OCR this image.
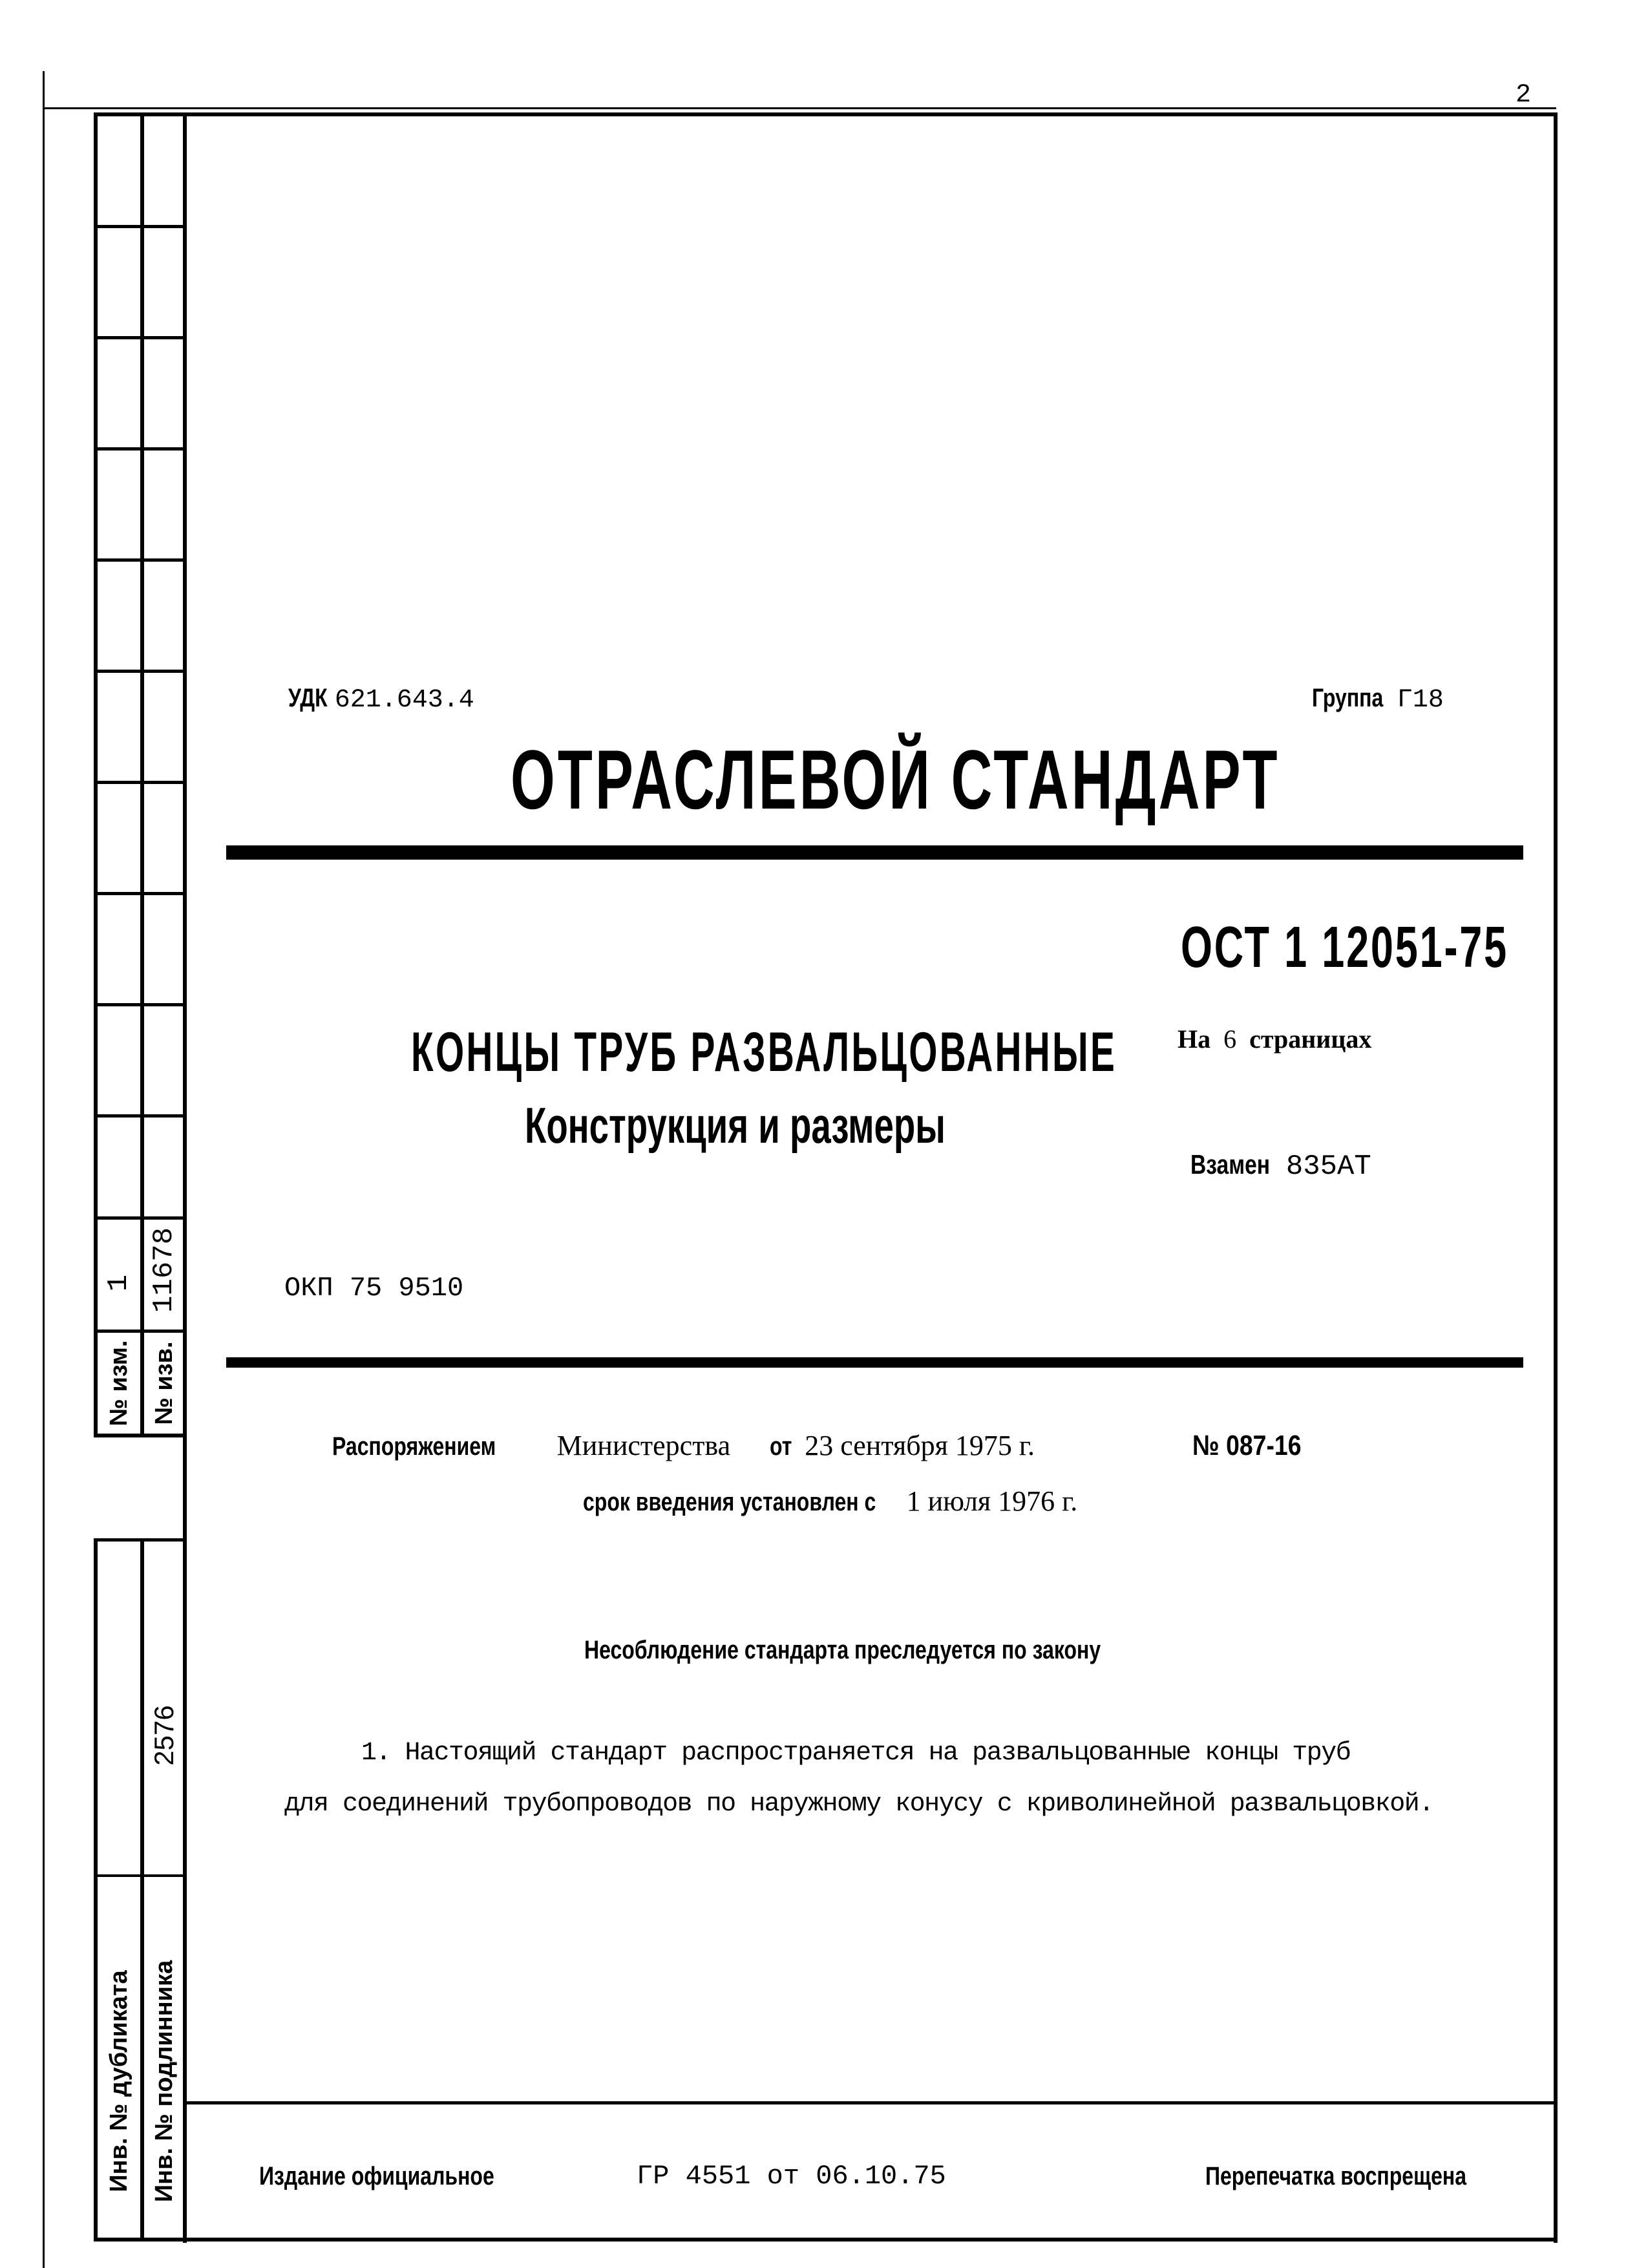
2
1 11678
№ изм. № изв.
2576
Инв. № дубликата Инв. № подлинника
УДК 621.643.4	Группа Г18
ОТРАСЛЕВОЙ СТАНДАРТ
ОСТ 1 12051-75
КОНЦЫ ТРУБ РАЗВАЛЬЦОВАННЫЕ
Конструкция и размеры
На 6 страницах
Взамен 835АТ
ОКП 75 9510
Распоряжением Министерства от 23 сентября 1975 г.	№ 087-16
срок введения установлен с 1 июля 1976 г.
Несоблюдение стандарта преследуется по закону
1. Настоящий стандарт распространяется на развальцованные концы труб
для соединений трубопроводов по наружному конусу с криволинейной развальцовкой.
Издание официальное	ГР 4551 от 06.10.75	Перепечатка воспрещена
